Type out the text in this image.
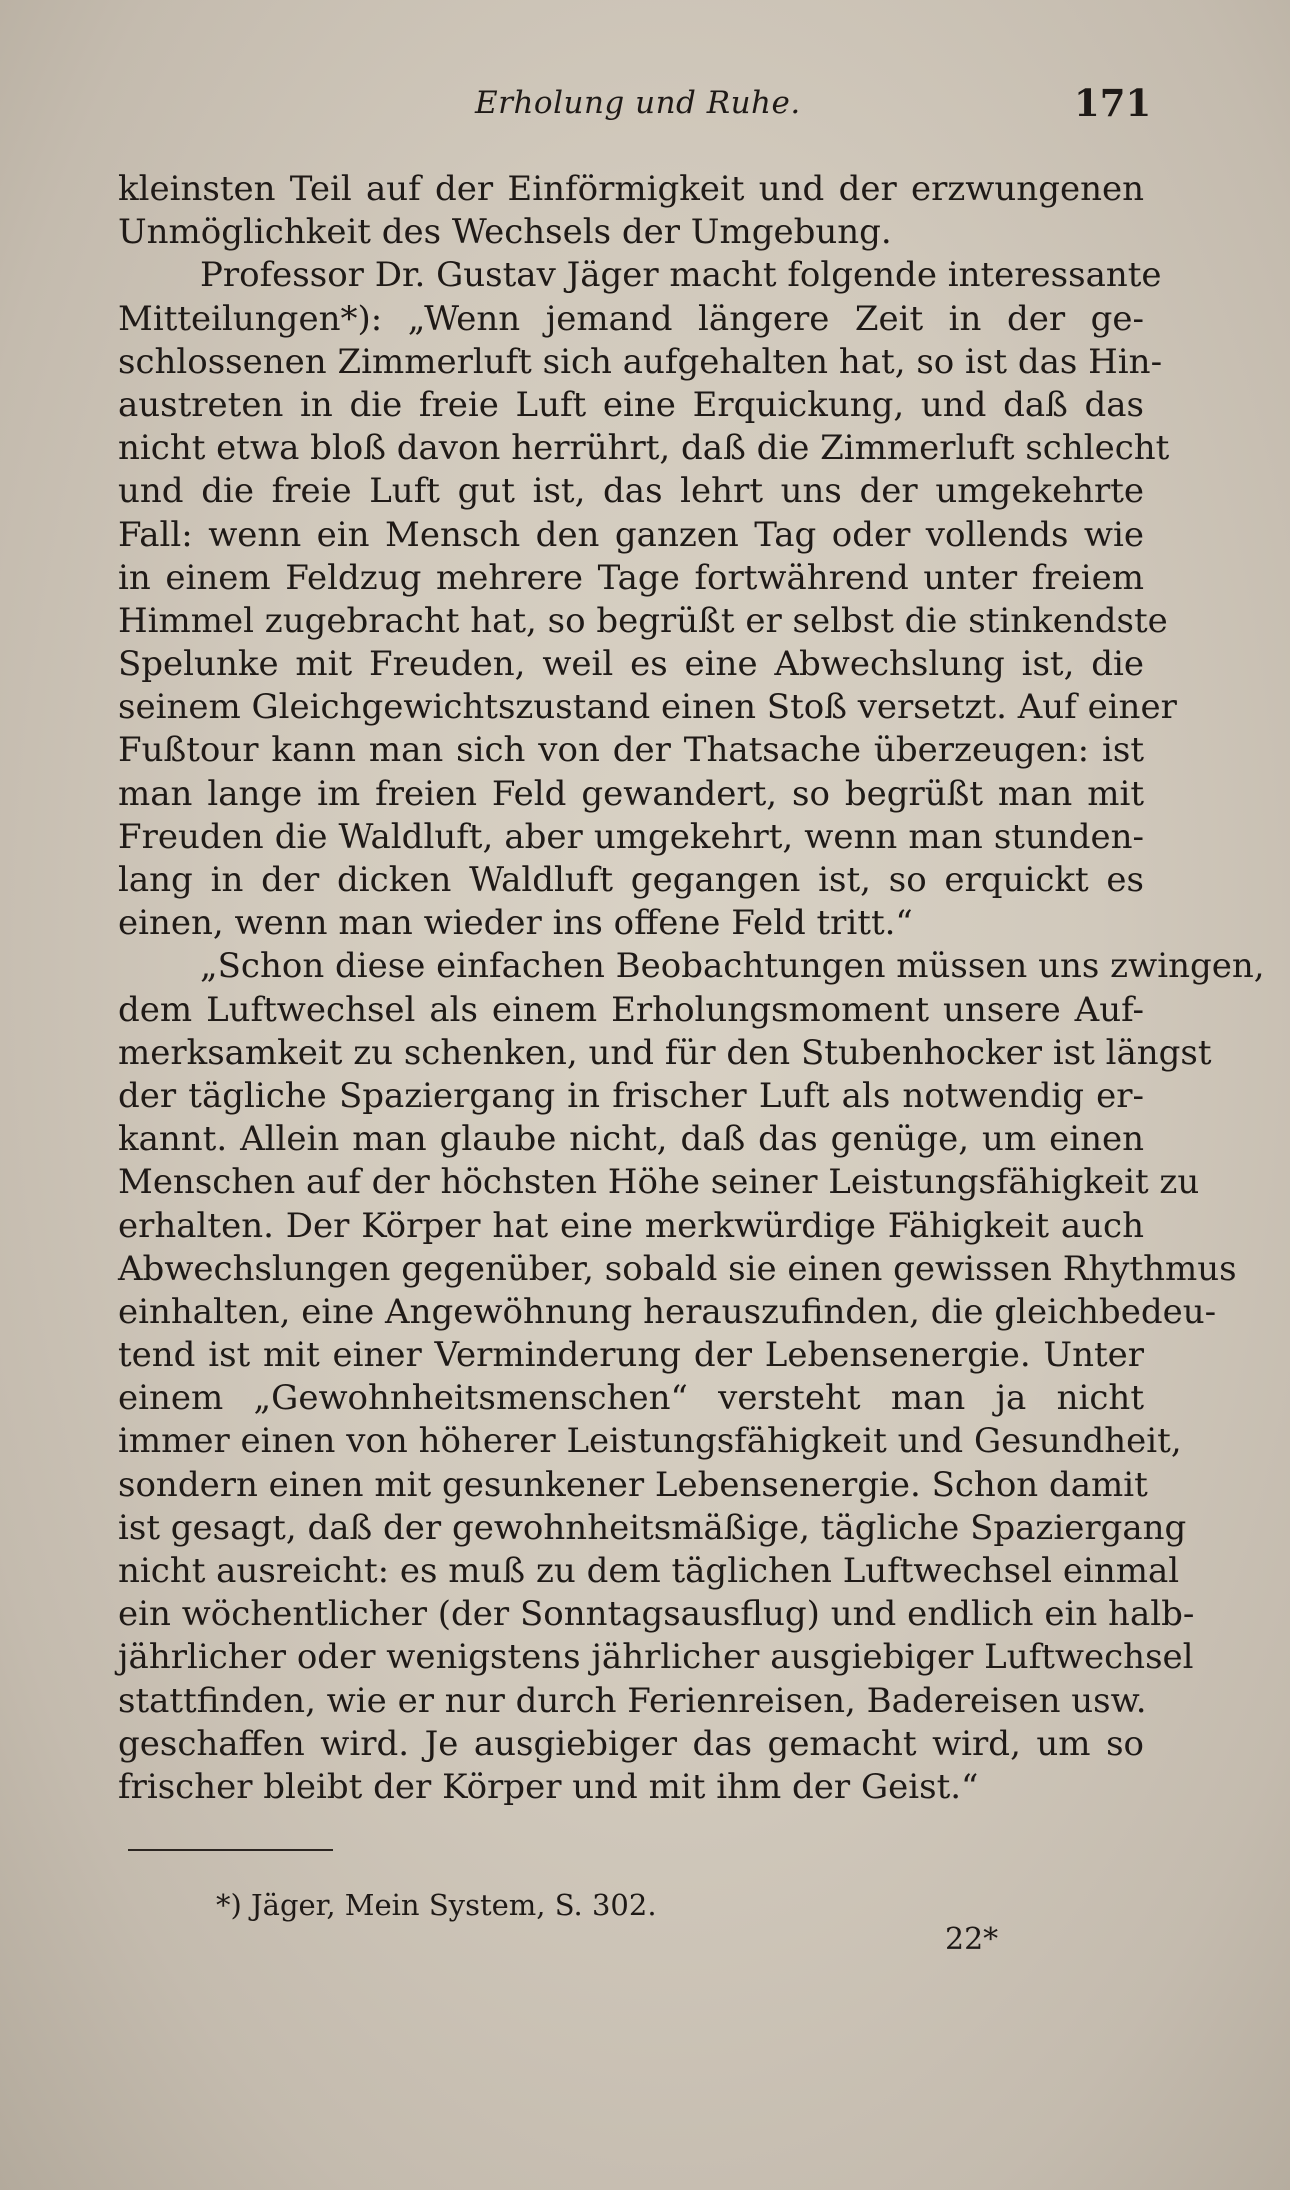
Erholung und Ruhe.	171
kleinsten Teil auf der Einförmigkeit und der erzwungenen
Unmöglichkeit des Wechsels der Umgebung.
Professor Dr. Gustav Jäger macht folgende interessante
Mitteilungen*): „Wenn jemand längere Zeit in der ge-
schlossenen Zimmerluft sich aufgehalten hat, so ist das Hin-
austreten in die freie Luft eine Erquickung, und daß das
nicht etwa bloß davon herrührt, daß die Zimmerluft schlecht
und die freie Luft gut ist, das lehrt uns der umgekehrte
Fall: wenn ein Mensch den ganzen Tag oder vollends wie
in einem Feldzug mehrere Tage fortwährend unter freiem
Himmel zugebracht hat, so begrüßt er selbst die stinkendste
Spelunke mit Freuden, weil es eine Abwechslung ist, die
seinem Gleichgewichtszustand einen Stoß versetzt. Auf einer
Fußtour kann man sich von der Thatsache überzeugen: ist
man lange im freien Feld gewandert, so begrüßt man mit
Freuden die Waldluft, aber umgekehrt, wenn man stunden-
lang in der dicken Waldluft gegangen ist, so erquickt es
einen, wenn man wieder ins offene Feld tritt.“
„Schon diese einfachen Beobachtungen müssen uns zwingen,
dem Luftwechsel als einem Erholungsmoment unsere Auf-
merksamkeit zu schenken, und für den Stubenhocker ist längst
der tägliche Spaziergang in frischer Luft als notwendig er-
kannt. Allein man glaube nicht, daß das genüge, um einen
Menschen auf der höchsten Höhe seiner Leistungsfähigkeit zu
erhalten. Der Körper hat eine merkwürdige Fähigkeit auch
Abwechslungen gegenüber, sobald sie einen gewissen Rhythmus
einhalten, eine Angewöhnung herauszufinden, die gleichbedeu-
tend ist mit einer Verminderung der Lebensenergie. Unter
einem „Gewohnheitsmenschen“ versteht man ja nicht
immer einen von höherer Leistungsfähigkeit und Gesundheit,
sondern einen mit gesunkener Lebensenergie. Schon damit
ist gesagt, daß der gewohnheitsmäßige, tägliche Spaziergang
nicht ausreicht: es muß zu dem täglichen Luftwechsel einmal
ein wöchentlicher (der Sonntagsausflug) und endlich ein halb-
jährlicher oder wenigstens jährlicher ausgiebiger Luftwechsel
stattfinden, wie er nur durch Ferienreisen, Badereisen usw.
geschaffen wird. Je ausgiebiger das gemacht wird, um so
frischer bleibt der Körper und mit ihm der Geist.“
*) Jäger, Mein System, S. 302.
22*
